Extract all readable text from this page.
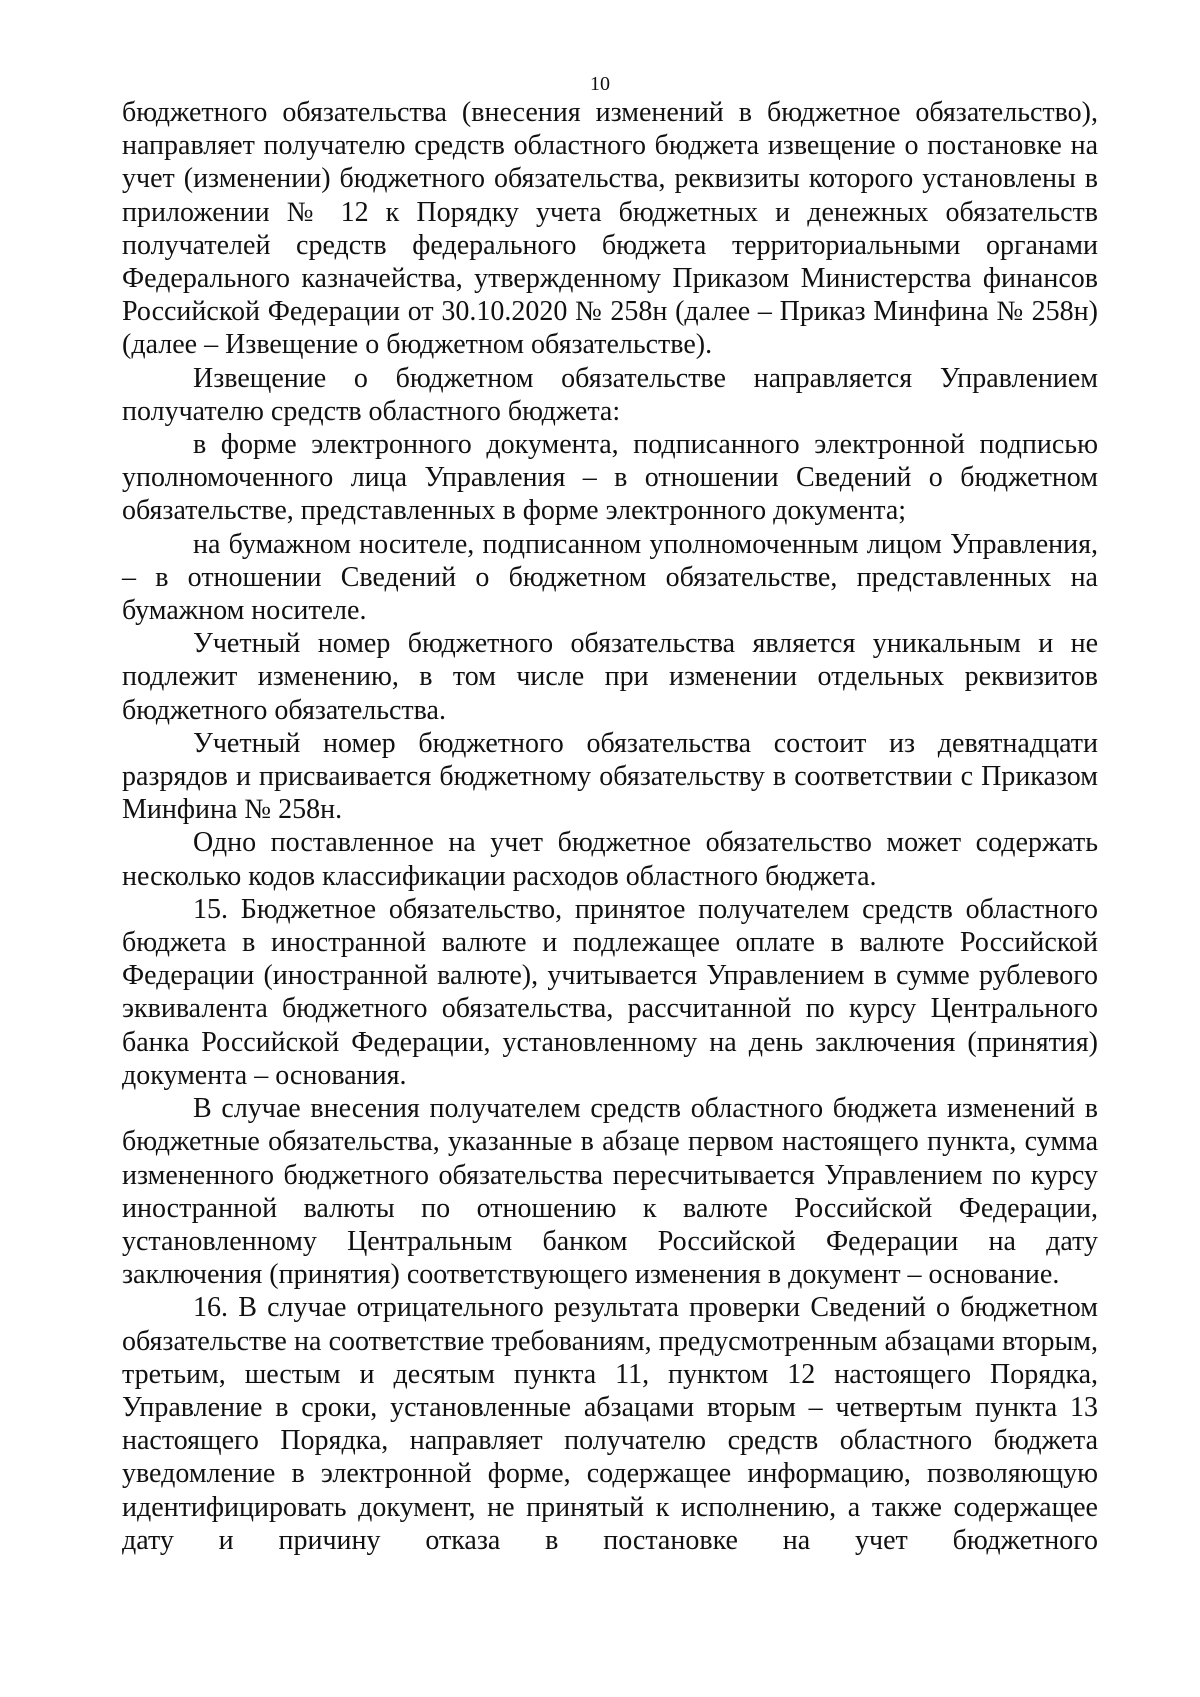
10

бюджетного обязательства (внесения изменений в бюджетное обязательство), направляет получателю средств областного бюджета извещение о постановке на учет (изменении) бюджетного обязательства, реквизиты которого установлены в приложении № 12 к Порядку учета бюджетных и денежных обязательств получателей средств федерального бюджета территориальными органами Федерального казначейства, утвержденному Приказом Министерства финансов Российской Федерации от 30.10.2020 № 258н (далее – Приказ Минфина № 258н) (далее – Извещение о бюджетном обязательстве).

Извещение о бюджетном обязательстве направляется Управлением получателю средств областного бюджета:

в форме электронного документа, подписанного электронной подписью уполномоченного лица Управления – в отношении Сведений о бюджетном обязательстве, представленных в форме электронного документа;

на бумажном носителе, подписанном уполномоченным лицом Управления, – в отношении Сведений о бюджетном обязательстве, представленных на бумажном носителе.

Учетный номер бюджетного обязательства является уникальным и не подлежит изменению, в том числе при изменении отдельных реквизитов бюджетного обязательства.

Учетный номер бюджетного обязательства состоит из девятнадцати разрядов и присваивается бюджетному обязательству в соответствии с Приказом Минфина № 258н.

Одно поставленное на учет бюджетное обязательство может содержать несколько кодов классификации расходов областного бюджета.

15. Бюджетное обязательство, принятое получателем средств областного бюджета в иностранной валюте и подлежащее оплате в валюте Российской Федерации (иностранной валюте), учитывается Управлением в сумме рублевого эквивалента бюджетного обязательства, рассчитанной по курсу Центрального банка Российской Федерации, установленному на день заключения (принятия) документа – основания.

В случае внесения получателем средств областного бюджета изменений в бюджетные обязательства, указанные в абзаце первом настоящего пункта, сумма измененного бюджетного обязательства пересчитывается Управлением по курсу иностранной валюты по отношению к валюте Российской Федерации, установленному Центральным банком Российской Федерации на дату заключения (принятия) соответствующего изменения в документ – основание.

16. В случае отрицательного результата проверки Сведений о бюджетном обязательстве на соответствие требованиям, предусмотренным абзацами вторым, третьим, шестым и десятым пункта 11, пунктом 12 настоящего Порядка, Управление в сроки, установленные абзацами вторым – четвертым пункта 13 настоящего Порядка, направляет получателю средств областного бюджета уведомление в электронной форме, содержащее информацию, позволяющую идентифицировать документ, не принятый к исполнению, а также содержащее дату и причину отказа в постановке на учет бюджетного
